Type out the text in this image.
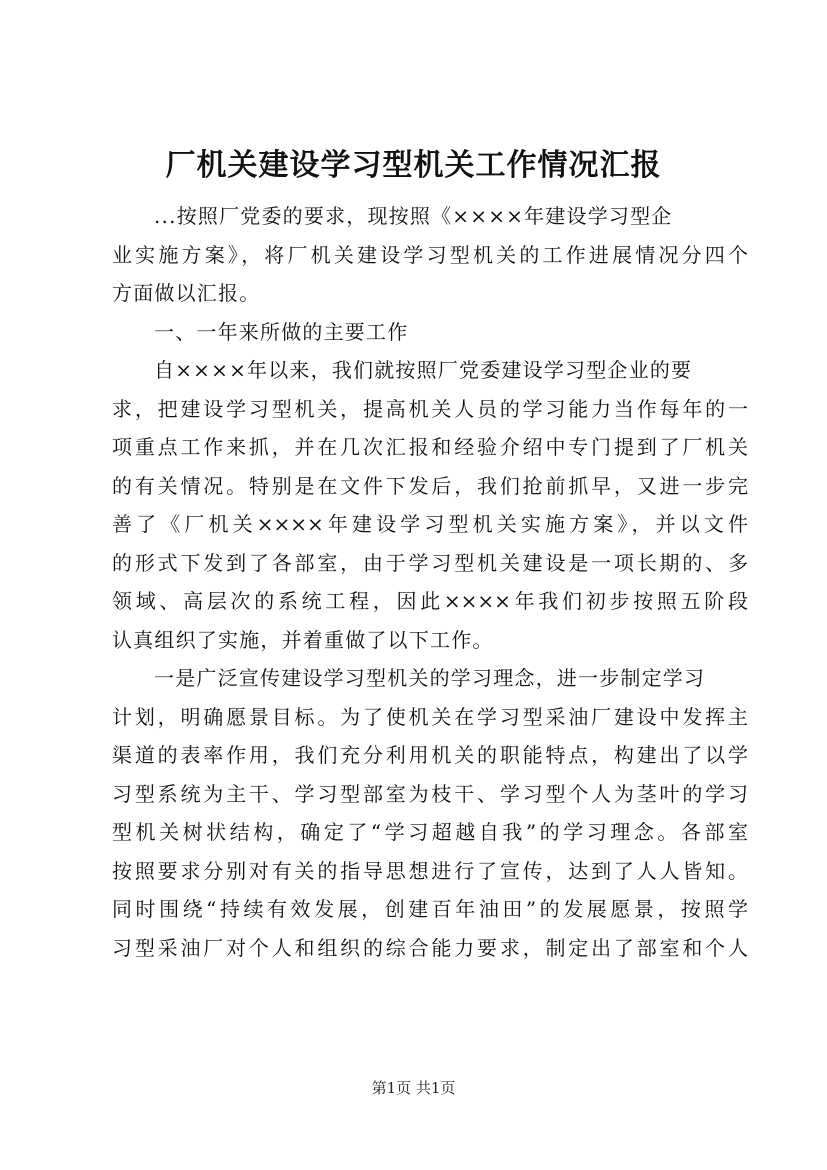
厂机关建设学习型机关工作情况汇报
...按照厂党委的要求，现按照《××××年建设学习型企
业实施方案》，将厂机关建设学习型机关的工作进展情况分四个
方面做以汇报。
一、一年来所做的主要工作
自××××年以来，我们就按照厂党委建设学习型企业的要
求，把建设学习型机关，提高机关人员的学习能力当作每年的一
项重点工作来抓，并在几次汇报和经验介绍中专门提到了厂机关
的有关情况。特别是在文件下发后，我们抢前抓早，又进一步完
善了《厂机关××××年建设学习型机关实施方案》，并以文件
的形式下发到了各部室，由于学习型机关建设是一项长期的、多
领域、高层次的系统工程，因此××××年我们初步按照五阶段
认真组织了实施，并着重做了以下工作。
一是广泛宣传建设学习型机关的学习理念，进一步制定学习
计划，明确愿景目标。为了使机关在学习型采油厂建设中发挥主
渠道的表率作用，我们充分利用机关的职能特点，构建出了以学
习型系统为主干、学习型部室为枝干、学习型个人为茎叶的学习
型机关树状结构，确定了“学习超越自我”的学习理念。各部室
按照要求分别对有关的指导思想进行了宣传，达到了人人皆知。
同时围绕“持续有效发展，创建百年油田”的发展愿景，按照学
习型采油厂对个人和组织的综合能力要求，制定出了部室和个人
第1页 共1页
